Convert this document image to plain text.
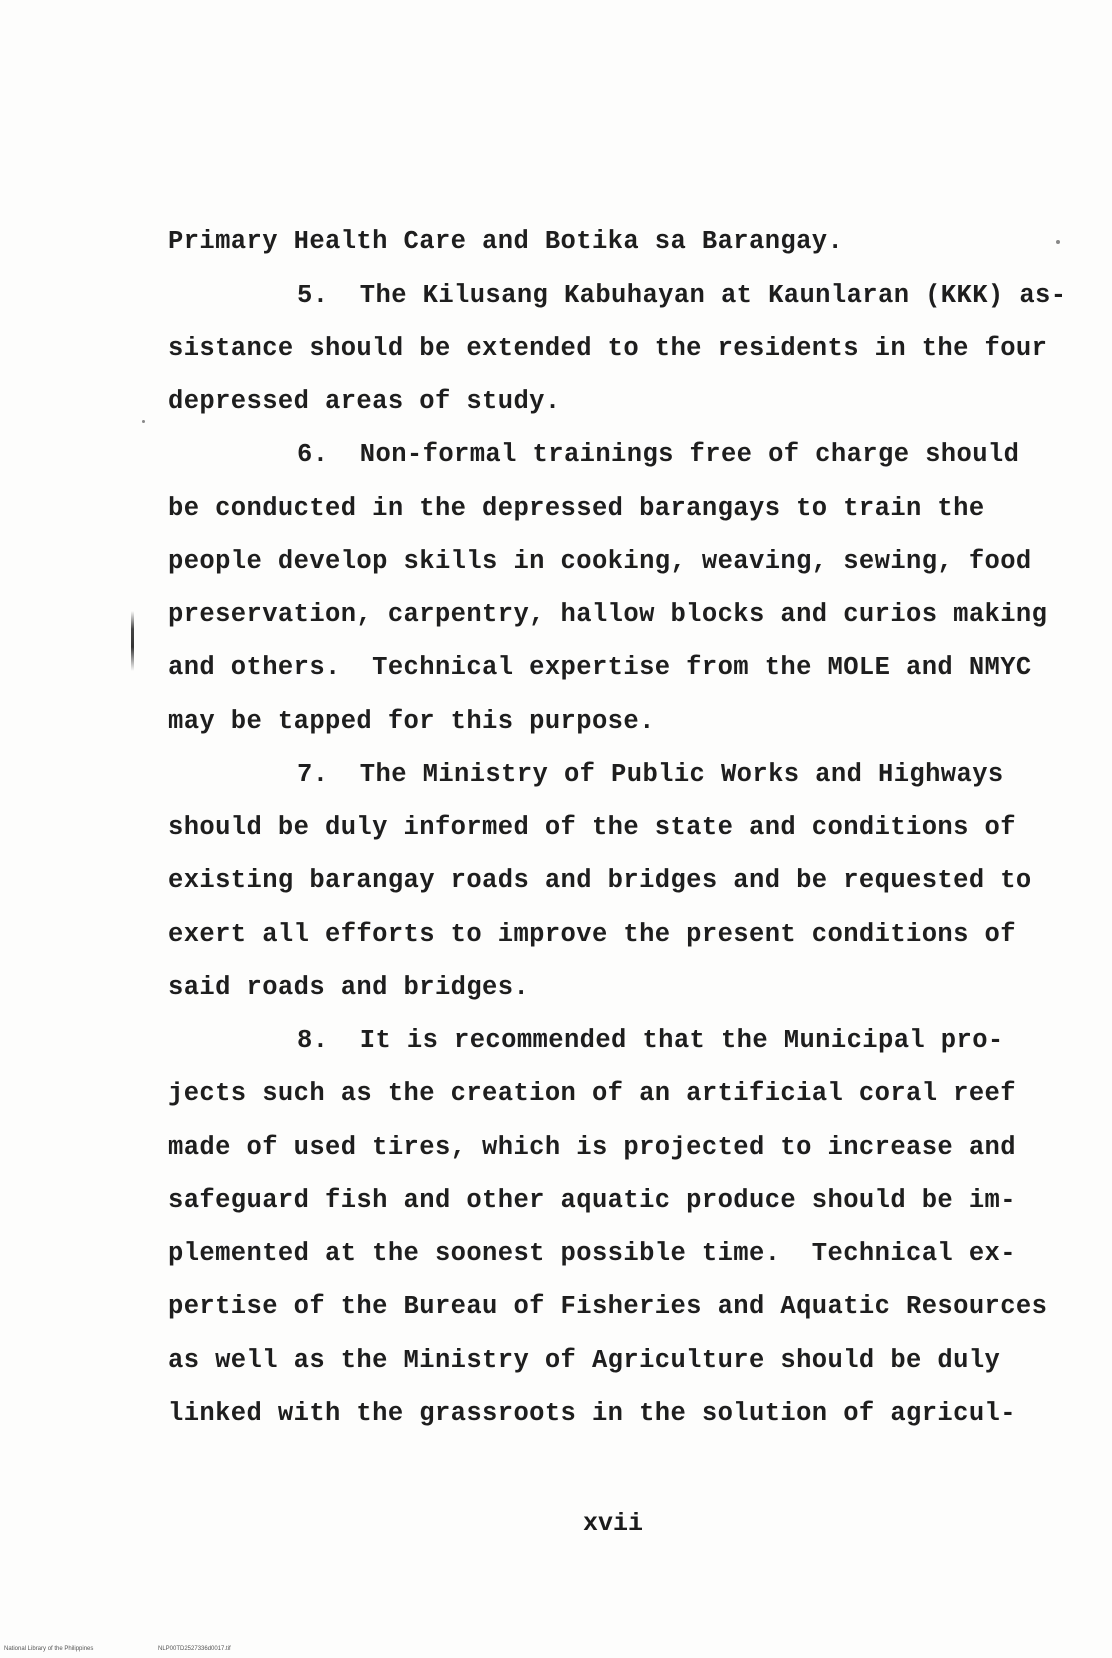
Primary Health Care and Botika sa Barangay.
5.  The Kilusang Kabuhayan at Kaunlaran (KKK) as-
sistance should be extended to the residents in the four
depressed areas of study.
6.  Non-formal trainings free of charge should
be conducted in the depressed barangays to train the
people develop skills in cooking, weaving, sewing, food
preservation, carpentry, hallow blocks and curios making
and others.  Technical expertise from the MOLE and NMYC
may be tapped for this purpose.
7.  The Ministry of Public Works and Highways
should be duly informed of the state and conditions of
existing barangay roads and bridges and be requested to
exert all efforts to improve the present conditions of
said roads and bridges.
8.  It is recommended that the Municipal pro-
jects such as the creation of an artificial coral reef
made of used tires, which is projected to increase and
safeguard fish and other aquatic produce should be im-
plemented at the soonest possible time.  Technical ex-
pertise of the Bureau of Fisheries and Aquatic Resources
as well as the Ministry of Agriculture should be duly
linked with the grassroots in the solution of agricul-
xvii
National Library of the Philippines	NLP00TD2527336d0017.tif
